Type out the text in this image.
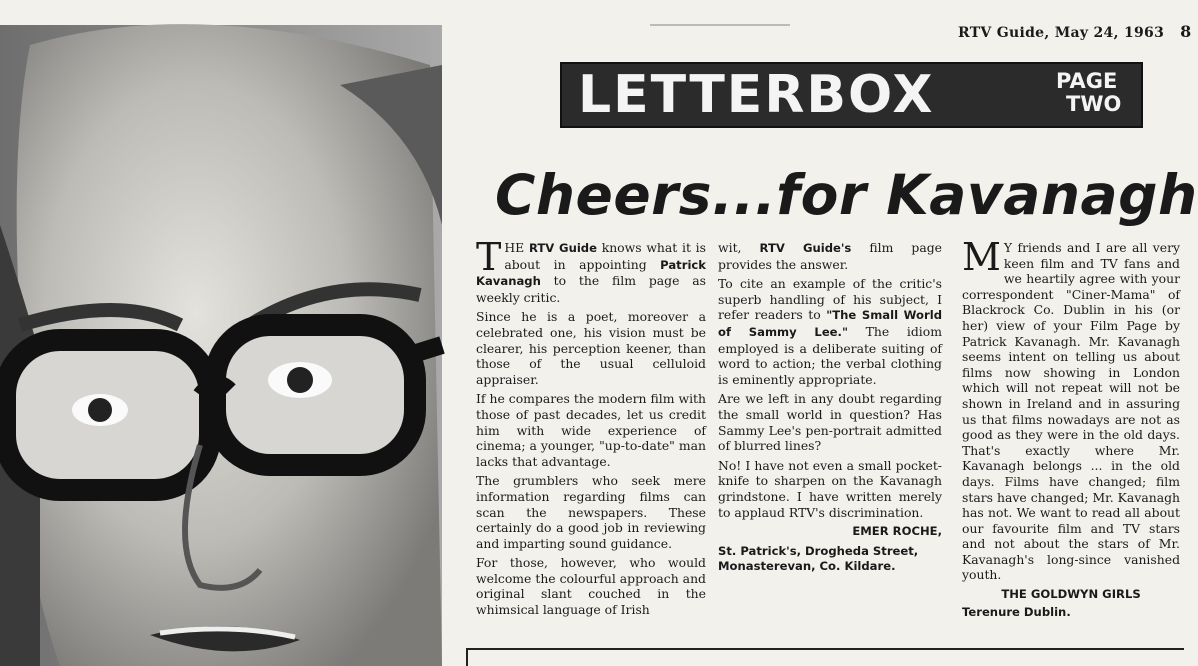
RTV Guide, May 24, 1963 8
LETTERBOX	PAGE
TWO
Cheers...for Kavanagh

THE RTV Guide knows what it is about in appointing Patrick Kavanagh to the film page as weekly critic.

Since he is a poet, moreover a celebrated one, his vision must be clearer, his perception keener, than those of the usual celluloid appraiser.

If he compares the modern film with those of past decades, let us credit him with wide experience of cinema; a younger, "up-to-date" man lacks that advantage.

The grumblers who seek mere information regarding films can scan the newspapers. These certainly do a good job in reviewing and imparting sound guidance.

For those, however, who would welcome the colourful approach and original slant couched in the whimsical language of Irish

wit, RTV Guide's film page provides the answer.

To cite an example of the critic's superb handling of his subject, I refer readers to "The Small World of Sammy Lee." The idiom employed is a deliberate suiting of word to action; the verbal clothing is eminently appropriate.

Are we left in any doubt regarding the small world in question? Has Sammy Lee's pen-portrait admitted of blurred lines?

No! I have not even a small pocket-knife to sharpen on the Kavanagh grindstone. I have written merely to applaud RTV's discrimination.

EMER ROCHE,

St. Patrick's, Drogheda Street, Monasterevan, Co. Kildare.

M Y friends and I are all very keen film and TV fans and we heartily agree with your correspondent "Ciner-Mama" of Blackrock Co. Dublin in his (or her) view of your Film Page by Patrick Kavanagh. Mr. Kavanagh seems intent on telling us about films now showing in London which will not repeat will not be shown in Ireland and in assuring us that films nowadays are not as good as they were in the old days. That's exactly where Mr. Kavanagh belongs ... in the old days. Films have changed; film stars have changed; Mr. Kavanagh has not. We want to read all about our favourite film and TV stars and not about the stars of Mr. Kavanagh's long-since vanished youth.

THE GOLDWYN GIRLS

Terenure Dublin.
